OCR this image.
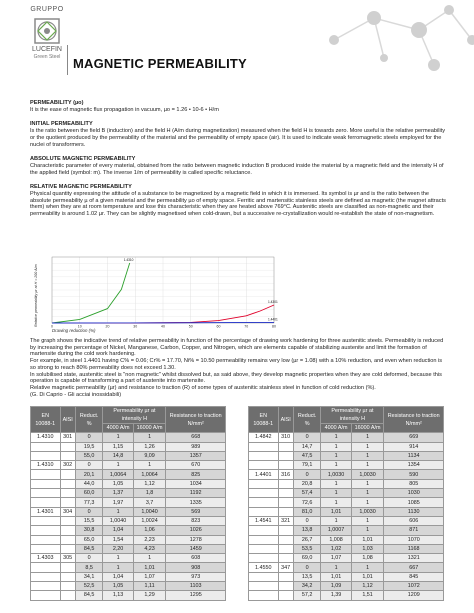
GRUPPO
LUCEFIN
Green Steel MAGNETIC PERMEABILITY
PERMEABILITY (µo)

It is the ease of magnetic flux propagation in vacuum, µo = 1.26 • 10-6 • H/m

INITIAL PERMEABILITY

Is the ratio between the field B (induction) and the field H (A/m during magnetization) measured when the field H is towards zero. More useful is the relative permeability or the quotient produced by the permeability of the material and the permeability of empty space (air). It is used to indicate weak ferromagnetic steels employed for the nuclei of transformers.

ABSOLUTE MAGNETIC PERMEABILITY

Characteristic parameter of every material, obtained from the ratio between magnetic induction B produced inside the material by a magnetic field and the intensity H of the applied field (symbol: m). The inverse 1/m of permeability is called specific reluctance.

RELATIVE MAGNETIC PERMEABILITY

Physical quantity expressing the attitude of a substance to be magnetized by a magnetic field in which it is immersed. Its symbol is µr and is the ratio between the absolute permeability µ of a given material and the permeability µo of empty space. Ferritic and martensitic stainless steels are defined as magnetic (the magnet attracts them) when they are at room temperature and lose this characteristic when they are heated above 769°C. Austenitic steels are classified as non-magnetic and their permeability is around 1.02 µr. They can be slightly magnetised when cold-drawn, but a successive re-crystallization would re-establish the state of non-magnetism.

Relative permeability µr at H = 200 A/m	0	10	20	30	40	50	60	70	80
1.4310
1.4301
1.4401
Drawing reduction (%)

The graph shows the indicative trend of relative permeability in function of the percentage of drawing work hardening for three austenitic steels. Permeability is reduced by increasing the percentage of Nickel, Manganese, Carbon, Copper, and Nitrogen, which are elements capable of stabilizing austenite and limit the formation of martensite during the cold work hardening.

For example, in steel 1.4401 having C% = 0.06; Cr% = 17.70, Ni% = 10.50 permeability remains very low (µr = 1.08) with a 10% reduction, and even when reduction is so strong to reach 80% permeability does not exceed 1.30.

In solubilised state, austenitic steel is "non magnetic" whilst dissolved but, as said above, they develop magnetic properties when they are cold deformed, because this operation is capable of transforming a part of austenite into martensite.

Relative magnetic permeability (µr) and resistance to traction (R) of some types of austenitic stainless steel in function of cold reduction (%).

(G. Di Caprio - Gli acciai inossidabili)

EN 10088-1	AISI	Reduct. %	Permeability µr at intensity H		Resistance to traction N/mm²
			4000 A/m	16000 A/m	
1.4310	301	0	1	1	668
		19,5	1,15	1,26	989
		55,0	14,8	9,09	1357
1.4310	302	0	1	1	670
		20,1	1,0064	1,0064	825
		44,0	1,05	1,12	1034
		60,0	1,37	1,8	1192
		77,3	1,97	3,7	1335
1.4301	304	0	1	1,0040	569
		15,5	1,0040	1,0024	823
		30,8	1,04	1,06	1026
		65,0	1,54	2,23	1278
		84,5	2,20	4,23	1459
1.4303	305	0	1	1	608
		8,5	1	1,01	908
		34,1	1,04	1,07	973
		52,5	1,05	1,11	1103
		84,5	1,13	1,29	1295
EN 10088-1	AISI	Reduct. %	Permeability µr at intensity H		Resistance to traction N/mm²
			4000 A/m	16000 A/m	
1.4842	310	0	1	1	669
		14,7	1	1	914
		47,5	1	1	1134
		79,1	1	1	1354
1.4401	316	0	1,0030	1,0030	590
		20,8	1	1	805
		57,4	1	1	1030
		72,6	1	1	1085
		81,0	1,01	1,0030	1130
1.4541	321	0	1	1	606
		13,8	1,0007	1	871
		26,7	1,008	1,01	1070
		53,5	1,02	1,03	1168
		69,0	1,07	1,08	1321
1.4550	347	0	1	1	667
		13,5	1,01	1,01	845
		34,2	1,09	1,12	1072
		57,2	1,39	1,51	1209
